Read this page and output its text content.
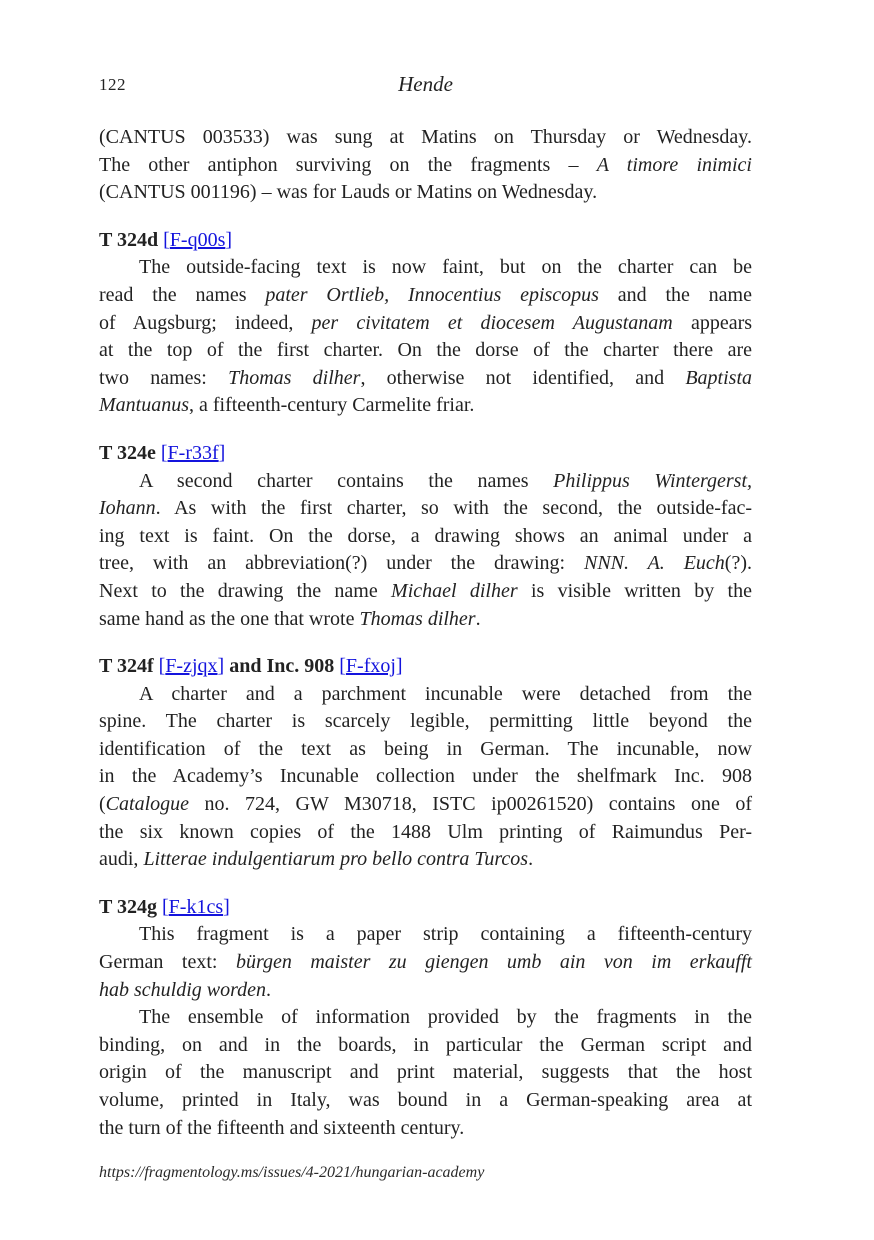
122	Hende
(CANTUS 003533) was sung at Matins on Thursday or Wednesday.
The other antiphon surviving on the fragments – A timore inimici
(CANTUS 001196) – was for Lauds or Matins on Wednesday.
T 324d [F-q00s]
The outside-facing text is now faint, but on the charter can be
read the names pater Ortlieb, Innocentius episcopus and the name
of Augsburg; indeed, per civitatem et diocesem Augustanam appears
at the top of the first charter. On the dorse of the charter there are
two names: Thomas dilher, otherwise not identified, and Baptista
Mantuanus, a fifteenth-century Carmelite friar.
T 324e [F-r33f]
A second charter contains the names Philippus Wintergerst,
Iohann. As with the first charter, so with the second, the outside-fac-
ing text is faint. On the dorse, a drawing shows an animal under a
tree, with an abbreviation(?) under the drawing: NNN. A. Euch(?).
Next to the drawing the name Michael dilher is visible written by the
same hand as the one that wrote Thomas dilher.
T 324f [F-zjqx] and Inc. 908 [F-fxoj]
A charter and a parchment incunable were detached from the
spine. The charter is scarcely legible, permitting little beyond the
identification of the text as being in German. The incunable, now
in the Academy’s Incunable collection under the shelfmark Inc. 908
(Catalogue no. 724, GW M30718, ISTC ip00261520) contains one of
the six known copies of the 1488 Ulm printing of Raimundus Per-
audi, Litterae indulgentiarum pro bello contra Turcos.
T 324g [F-k1cs]
This fragment is a paper strip containing a fifteenth-century
German text: bürgen maister zu giengen umb ain von im erkaufft
hab schuldig worden.
The ensemble of information provided by the fragments in the
binding, on and in the boards, in particular the German script and
origin of the manuscript and print material, suggests that the host
volume, printed in Italy, was bound in a German-speaking area at
the turn of the fifteenth and sixteenth century.
https://fragmentology.ms/issues/4-2021/hungarian-academy
